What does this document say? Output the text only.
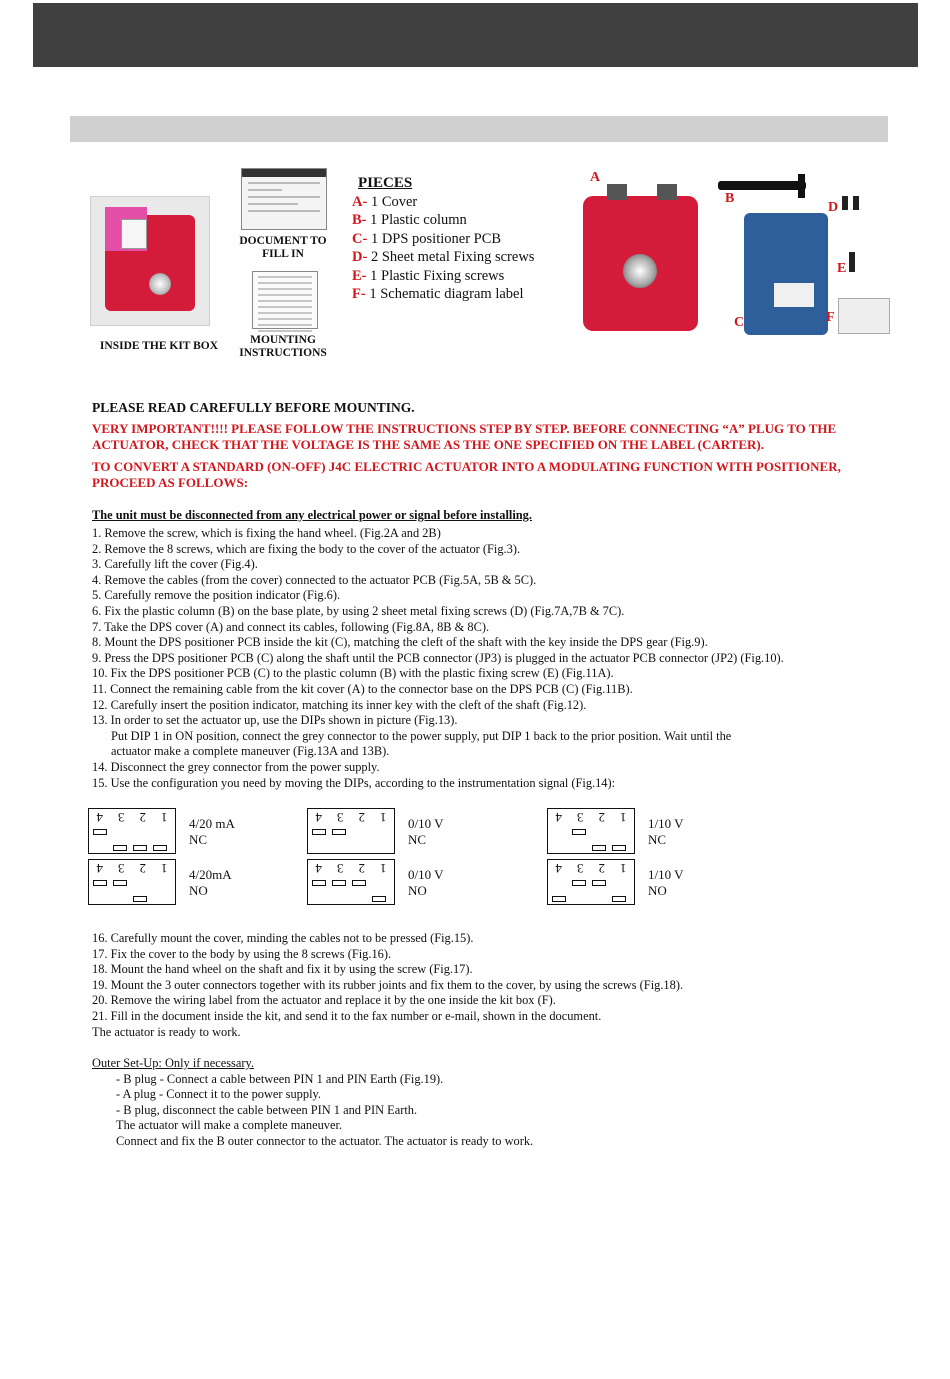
INSIDE THE KIT BOX
DOCUMENT TO
FILL IN
MOUNTING
INSTRUCTIONS
PIECES
A- 1 Cover
B- 1 Plastic column
C- 1 DPS positioner PCB
D- 2 Sheet metal Fixing screws
E- 1 Plastic Fixing screws
F- 1 Schematic diagram label
A
B
C
D
E
F
PLEASE READ CAREFULLY BEFORE MOUNTING.
VERY IMPORTANT!!!! PLEASE FOLLOW THE INSTRUCTIONS STEP BY STEP. BEFORE CONNECTING “A” PLUG TO THE ACTUATOR, CHECK THAT THE VOLTAGE IS THE SAME AS THE ONE SPECIFIED ON THE LABEL (CARTER).
TO CONVERT A STANDARD (ON-OFF) J4C ELECTRIC ACTUATOR INTO A MODULATING FUNCTION WITH POSITIONER, PROCEED AS FOLLOWS:
The unit must be disconnected from any electrical power or signal before installing.
1. Remove the screw, which is fixing the hand wheel. (Fig.2A and 2B)
2. Remove the 8 screws, which are fixing the body to the cover of the actuator (Fig.3).
3. Carefully lift the cover (Fig.4).
4. Remove the cables (from the cover) connected to the actuator PCB (Fig.5A, 5B & 5C).
5. Carefully remove the position indicator (Fig.6).
6. Fix the plastic column (B) on the base plate, by using 2 sheet metal fixing screws (D) (Fig.7A,7B & 7C).
7. Take the DPS cover (A) and connect its cables, following (Fig.8A, 8B & 8C).
8. Mount the DPS positioner PCB inside the kit (C), matching the cleft of the shaft with the key inside the DPS gear (Fig.9).
9. Press the DPS positioner PCB (C) along the shaft until the PCB connector (JP3) is plugged in the actuator PCB connector (JP2) (Fig.10).
10. Fix the DPS positioner PCB (C) to the plastic column (B) with the plastic fixing screw (E) (Fig.11A).
11. Connect the remaining cable from the kit cover (A) to the connector base on the DPS PCB (C) (Fig.11B).
12. Carefully insert the position indicator, matching its inner key with the cleft of the shaft (Fig.12).
13. In order to set the actuator up, use the DIPs shown in picture (Fig.13).
Put DIP 1 in ON position, connect the grey connector to the power supply, put DIP 1 back to the prior position. Wait until the
actuator make a complete maneuver (Fig.13A and 13B).
14. Disconnect the grey connector from the power supply.
15. Use the configuration you need by moving the DIPs, according to the instrumentation signal (Fig.14):
1
2
3
4	4/20 mA
NC
1
2
3
4	0/10 V
NC
1
2
3
4	1/10 V
NC
1
2
3
4	4/20mA
NO
1
2
3
4	0/10 V
NO
1
2
3
4	1/10 V
NO
16. Carefully mount the cover, minding the cables not to be pressed (Fig.15).
17. Fix the cover to the body by using the 8 screws (Fig.16).
18. Mount the hand wheel on the shaft and fix it by using the screw (Fig.17).
19. Mount the 3 outer connectors together with its rubber joints and fix them to the cover, by using the screws (Fig.18).
20. Remove the wiring label from the actuator and replace it by the one inside the kit box (F).
21. Fill in the document inside the kit, and send it to the fax number or e-mail, shown in the document.
The actuator is ready to work.
Outer Set-Up: Only if necessary.
- B plug - Connect a cable between PIN 1 and PIN Earth (Fig.19).
- A plug - Connect it to the power supply.
- B plug, disconnect the cable between PIN 1 and PIN Earth.
The actuator will make a complete maneuver.
Connect and fix the B outer connector to the actuator. The actuator is ready to work.
